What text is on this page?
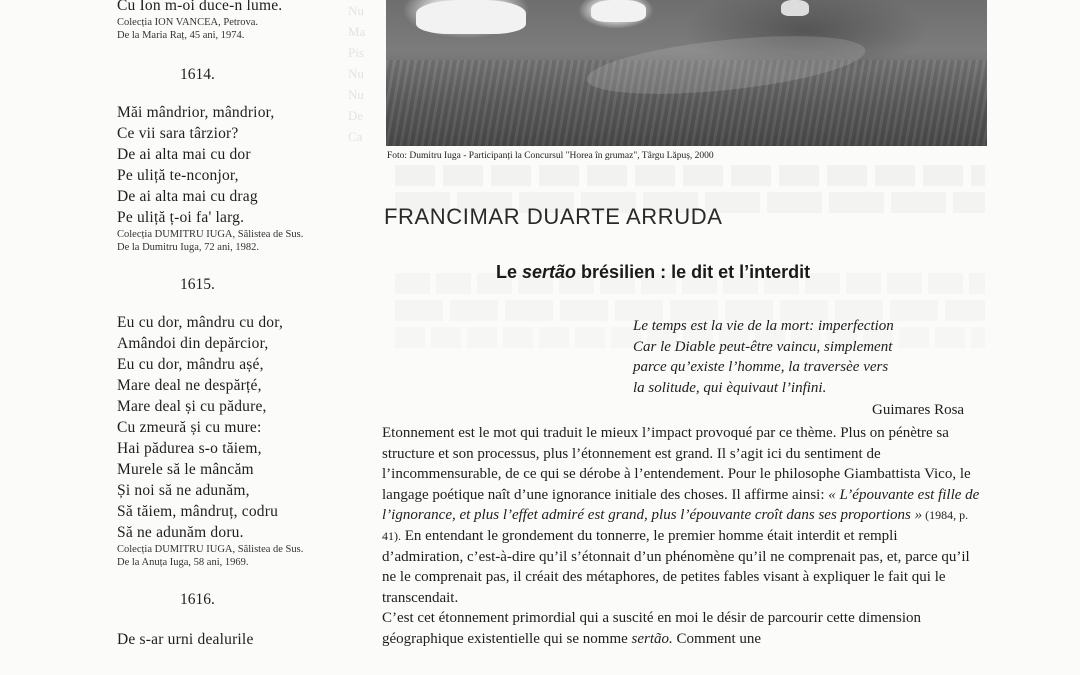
Nu
Ma
Pis
Nu
Nu
De
Ca
Cu Ion m-oi duce-n lume.
Colecția ION VANCEA, Petrova.
De la Maria Raț, 45 ani, 1974.
1614.
Măi mândrior, mândrior,
Ce vii sara târzior?
De ai alta mai cu dor
Pe uliță te-nconjor,
De ai alta mai cu drag
Pe uliță ț-oi fa' larg.
Colecția DUMITRU IUGA, Sălistea de Sus.
De la Dumitru Iuga, 72 ani, 1982.
1615.
Eu cu dor, mândru cu dor,
Amândoi din depărcior,
Eu cu dor, mândru așé,
Mare deal ne despărțé,
Mare deal și cu pădure,
Cu zmeură și cu mure:
Hai pădurea s-o tăiem,
Murele să le mâncăm
Și noi să ne adunăm,
Să tăiem, mândruț, codru
Să ne adunăm doru.
Colecția DUMITRU IUGA, Sălistea de Sus.
De la Anuța Iuga, 58 ani, 1969.
1616.
De s-ar urni dealurile
Foto: Dumitru Iuga - Participanți la Concursul "Horea în grumaz", Târgu Lăpuș, 2000
FRANCIMAR DUARTE ARRUDA
Le sertão brésilien : le dit et l’interdit
Le temps est la vie de la mort: imperfection
Car le Diable peut-être vaincu, simplement
parce qu’existe l’homme, la traversèe vers
la solitude, qui èquivaut l’infini.
Guimares Rosa

Etonnement est le mot qui traduit le mieux l’impact provoqué par ce thème. Plus on pénètre sa structure et son processus, plus l’étonnement est grand. Il s’agit ici du sentiment de l’incommensurable, de ce qui se dérobe à l’entendement. Pour le philosophe Giambattista Vico, le langage poétique naît d’une ignorance initiale des choses. Il affirme ainsi: « L’épouvante est fille de l’ignorance, et plus l’effet admiré est grand, plus l’épouvante croît dans ses proportions » (1984, p. 41). En entendant le grondement du tonnerre, le premier homme était interdit et rempli d’admiration, c’est-à-dire qu’il s’étonnait d’un phénomène qu’il ne comprenait pas, et, parce qu’il ne le comprenait pas, il créait des métaphores, de petites fables visant à expliquer le fait qui le transcendait.

C’est cet étonnement primordial qui a suscité en moi le désir de parcourir cette dimension géographique existentielle qui se nomme sertão. Comment une
